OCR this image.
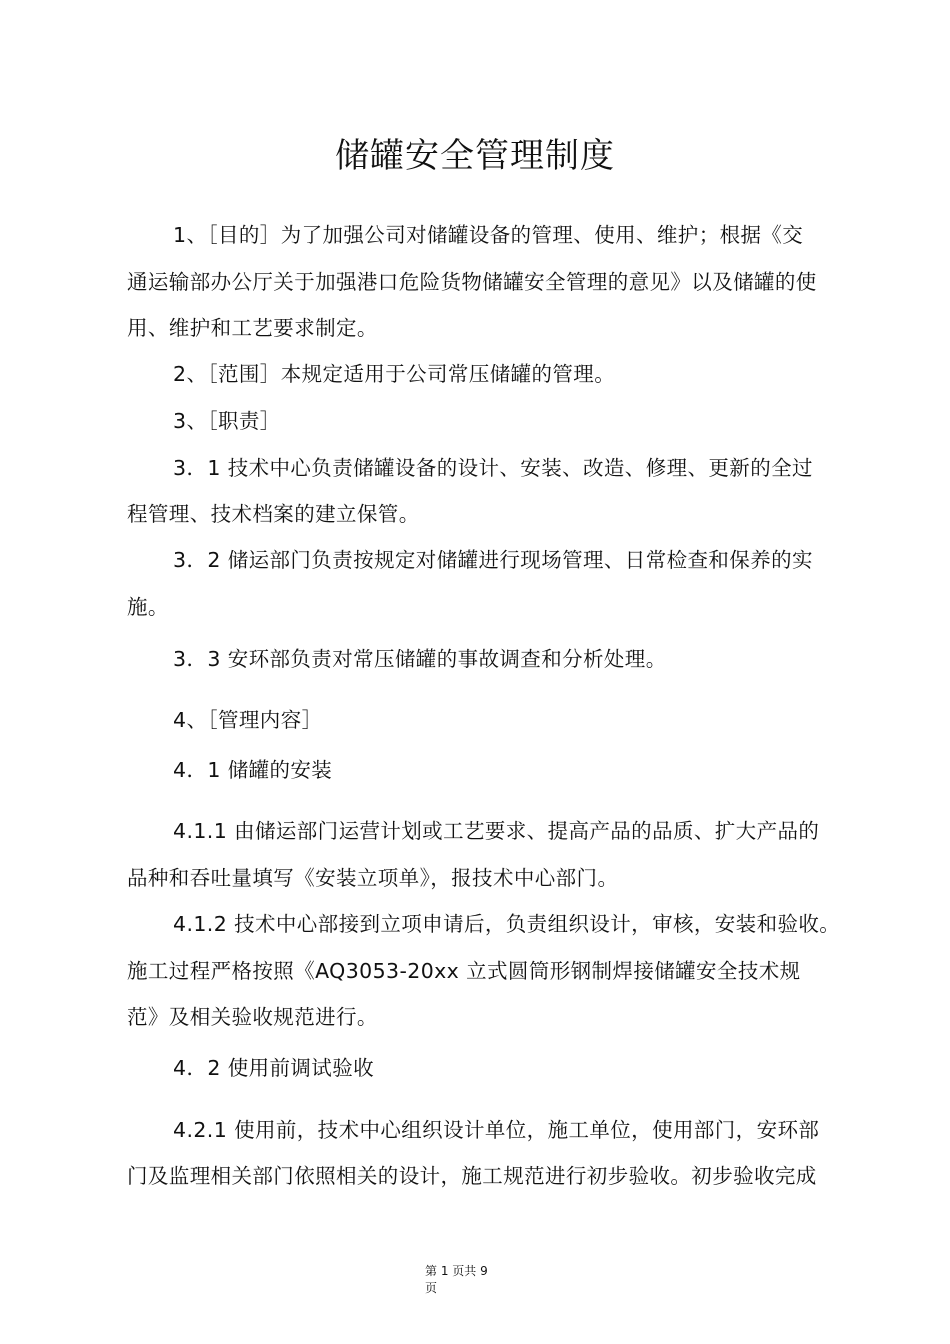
储罐安全管理制度
1、［目的］为了加强公司对储罐设备的管理、使用、维护；根据《交
通运输部办公厅关于加强港口危险货物储罐安全管理的意见》以及储罐的使
用、维护和工艺要求制定。
2、［范围］本规定适用于公司常压储罐的管理。
3、［职责］
3．1 技术中心负责储罐设备的设计、安装、改造、修理、更新的全过
程管理、技术档案的建立保管。
3．2 储运部门负责按规定对储罐进行现场管理、日常检查和保养的实
施。
3．3 安环部负责对常压储罐的事故调查和分析处理。
4、［管理内容］
4．1 储罐的安装
4.1.1 由储运部门运营计划或工艺要求、提高产品的品质、扩大产品的
品种和吞吐量填写《安装立项单》，报技术中心部门。
4.1.2 技术中心部接到立项申请后，负责组织设计，审核，安装和验收。
施工过程严格按照《AQ3053-20xx 立式圆筒形钢制焊接储罐安全技术规
范》及相关验收规范进行。
4．2 使用前调试验收
4.2.1 使用前，技术中心组织设计单位，施工单位，使用部门，安环部
门及监理相关部门依照相关的设计，施工规范进行初步验收。初步验收完成
第 1 页共 9
页
